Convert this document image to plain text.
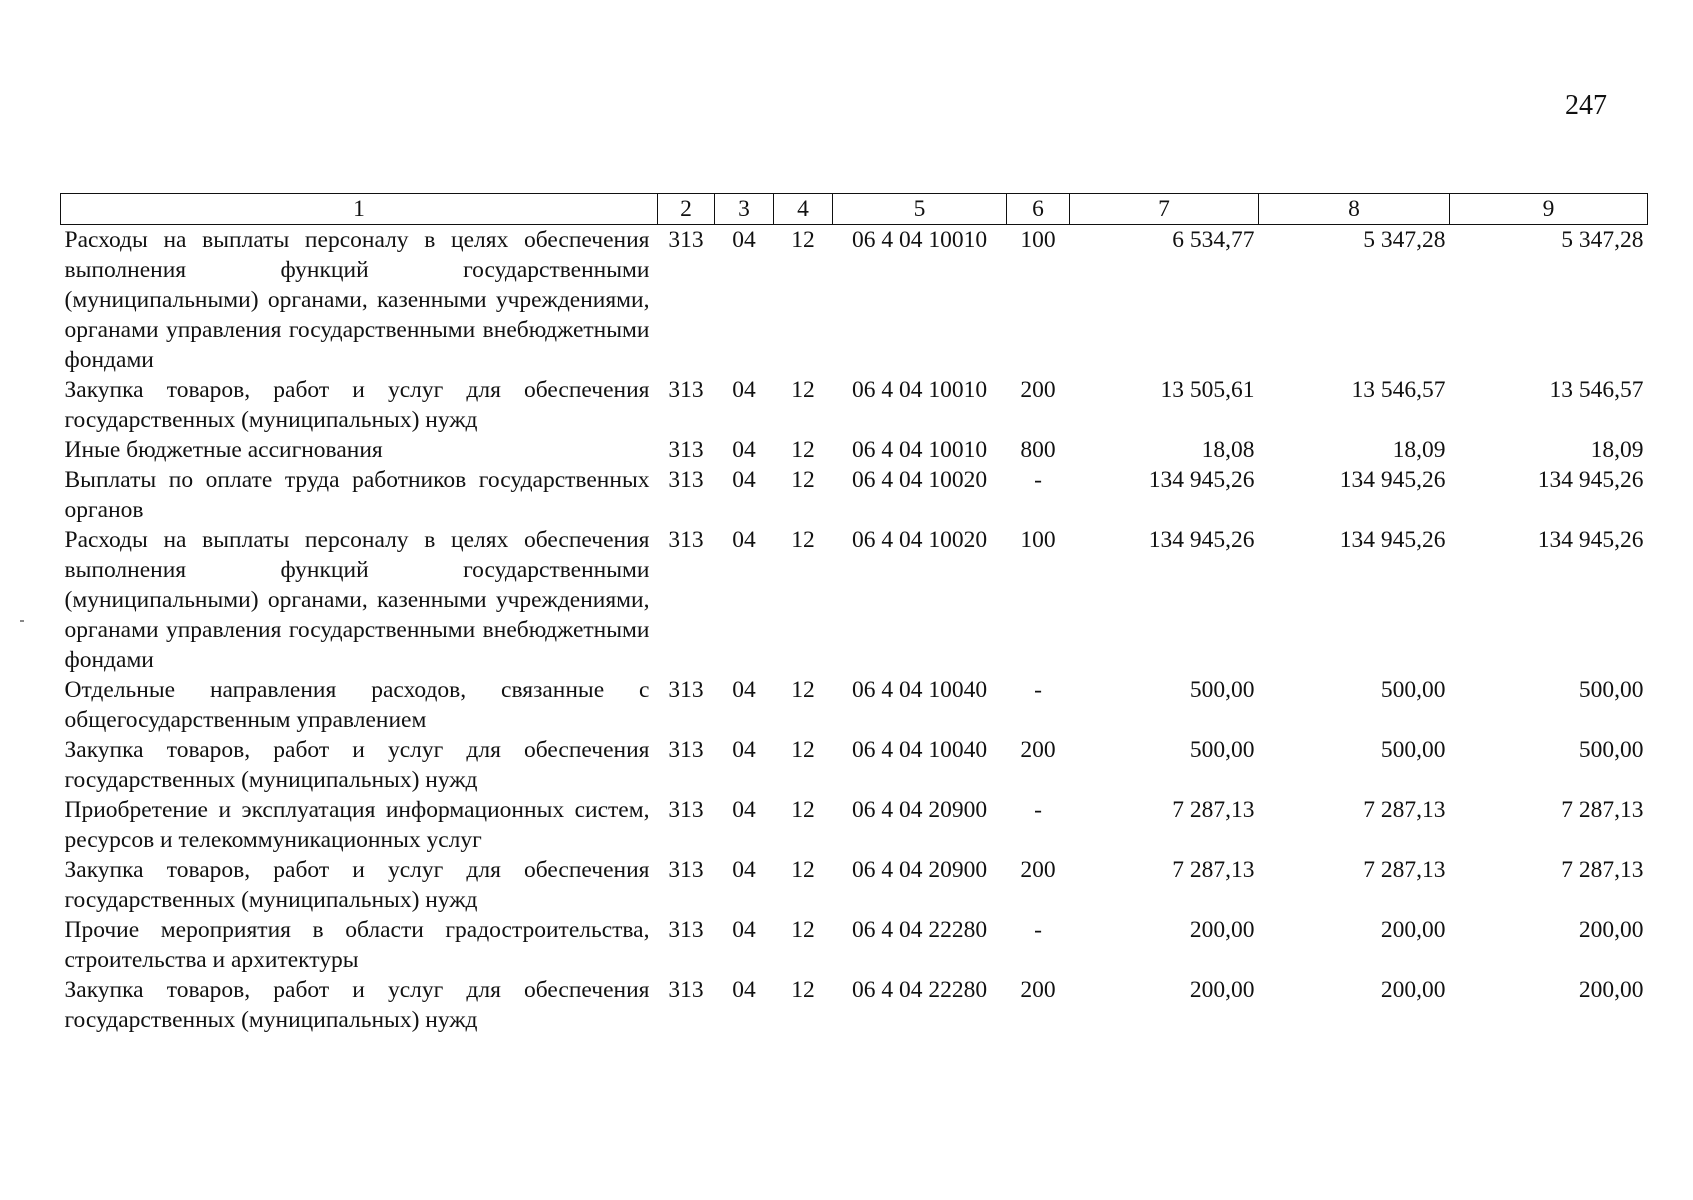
247
1	2	3	4	5	6	7	8	9
Расходы на выплаты персоналу в целях обеспечения выполнения функций государственными (муниципальными) органами, казенными учреждениями, органами управления государственными внебюджетными фондами	313	04	12	06 4 04 10010	100	6 534,77	5 347,28	5 347,28
Закупка товаров, работ и услуг для обеспечения государственных (муниципальных) нужд	313	04	12	06 4 04 10010	200	13 505,61	13 546,57	13 546,57
Иные бюджетные ассигнования	313	04	12	06 4 04 10010	800	18,08	18,09	18,09
Выплаты по оплате труда работников государственных органов	313	04	12	06 4 04 10020	-	134 945,26	134 945,26	134 945,26
Расходы на выплаты персоналу в целях обеспечения выполнения функций государственными (муниципальными) органами, казенными учреждениями, органами управления государственными внебюджетными фондами	313	04	12	06 4 04 10020	100	134 945,26	134 945,26	134 945,26
Отдельные направления расходов, связанные с общегосударственным управлением	313	04	12	06 4 04 10040	-	500,00	500,00	500,00
Закупка товаров, работ и услуг для обеспечения государственных (муниципальных) нужд	313	04	12	06 4 04 10040	200	500,00	500,00	500,00
Приобретение и эксплуатация информационных систем, ресурсов и телекоммуникационных услуг	313	04	12	06 4 04 20900	-	7 287,13	7 287,13	7 287,13
Закупка товаров, работ и услуг для обеспечения государственных (муниципальных) нужд	313	04	12	06 4 04 20900	200	7 287,13	7 287,13	7 287,13
Прочие мероприятия в области градостроительства, строительства и архитектуры	313	04	12	06 4 04 22280	-	200,00	200,00	200,00
Закупка товаров, работ и услуг для обеспечения государственных (муниципальных) нужд	313	04	12	06 4 04 22280	200	200,00	200,00	200,00
